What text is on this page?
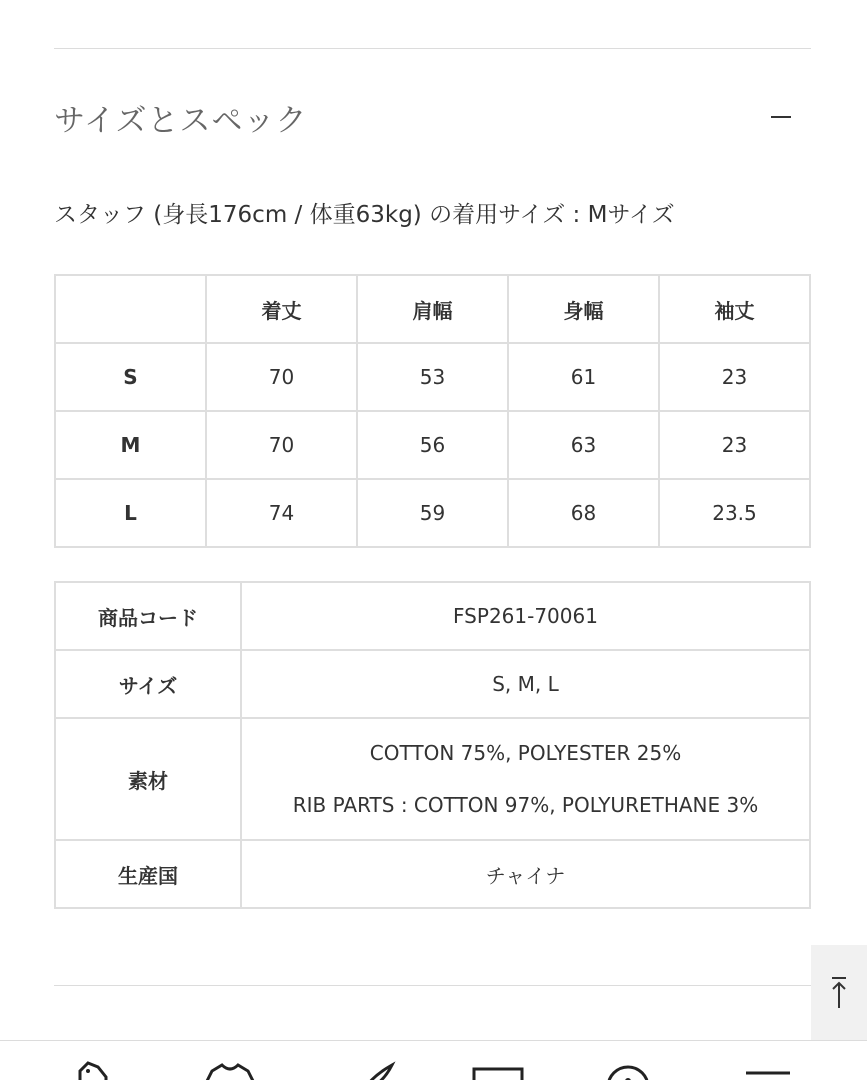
サイズとスペック
スタッフ (身長176cm / 体重63kg) の着用サイズ : Mサイズ
	着丈	肩幅	身幅	袖丈
S	70	53	61	23
M	70	56	63	23
L	74	59	68	23.5
商品コード	FSP261-70061
サイズ	S, M, L
素材	COTTON 75%, POLYESTER 25%
RIB PARTS : COTTON 97%, POLYURETHANE 3%

生産国	チャイナ
